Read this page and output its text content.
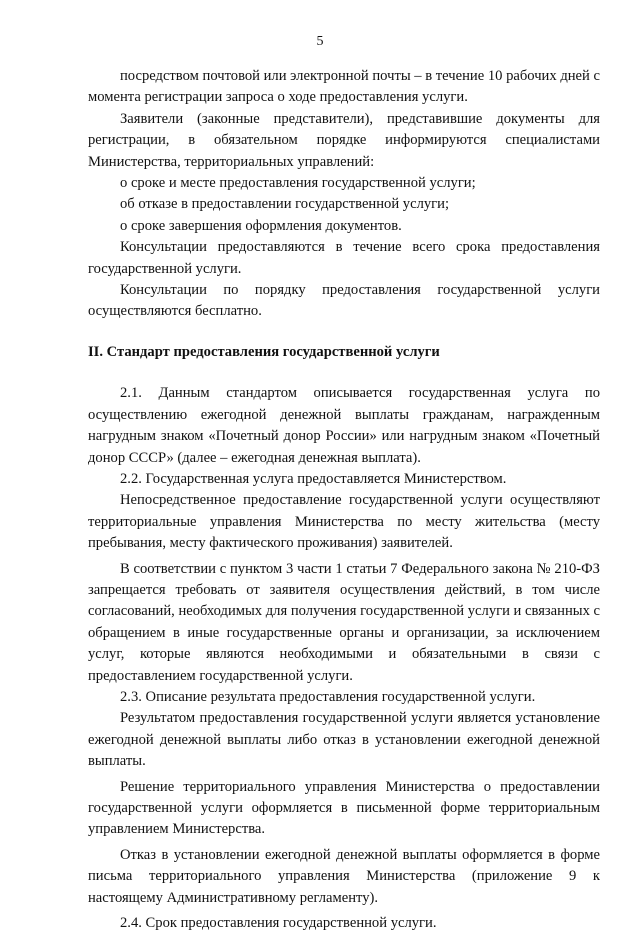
5

посредством почтовой или электронной почты – в течение 10 рабочих дней с момента регистрации запроса о ходе предоставления услуги.

Заявители (законные представители), представившие документы для регистрации, в обязательном порядке информируются специалистами Министерства, территориальных управлений:

о сроке и месте предоставления государственной услуги;

об отказе в предоставлении государственной услуги;

о сроке завершения оформления документов.

Консультации предоставляются в течение всего срока предоставления государственной услуги.

Консультации по порядку предоставления государственной услуги осуществляются бесплатно.

II. Стандарт предоставления государственной услуги

2.1. Данным стандартом описывается государственная услуга по осуществлению ежегодной денежной выплаты гражданам, награжденным нагрудным знаком «Почетный донор России» или нагрудным знаком «Почетный донор СССР» (далее – ежегодная денежная выплата).

2.2. Государственная услуга предоставляется Министерством.

Непосредственное предоставление государственной услуги осуществляют территориальные управления Министерства по месту жительства (месту пребывания, месту фактического проживания) заявителей.

В соответствии с пунктом 3 части 1 статьи 7 Федерального закона № 210-ФЗ запрещается требовать от заявителя осуществления действий, в том числе согласований, необходимых для получения государственной услуги и связанных с обращением в иные государственные органы и организации, за исключением услуг, которые являются необходимыми и обязательными в связи с предоставлением государственной услуги.

2.3. Описание результата предоставления государственной услуги.

Результатом предоставления государственной услуги является установление ежегодной денежной выплаты либо отказ в установлении ежегодной денежной выплаты.

Решение территориального управления Министерства о предоставлении государственной услуги оформляется в письменной форме территориальным управлением Министерства.

Отказ в установлении ежегодной денежной выплаты оформляется в форме письма территориального управления Министерства (приложение 9 к настоящему Административному регламенту).

2.4. Срок предоставления государственной услуги.
